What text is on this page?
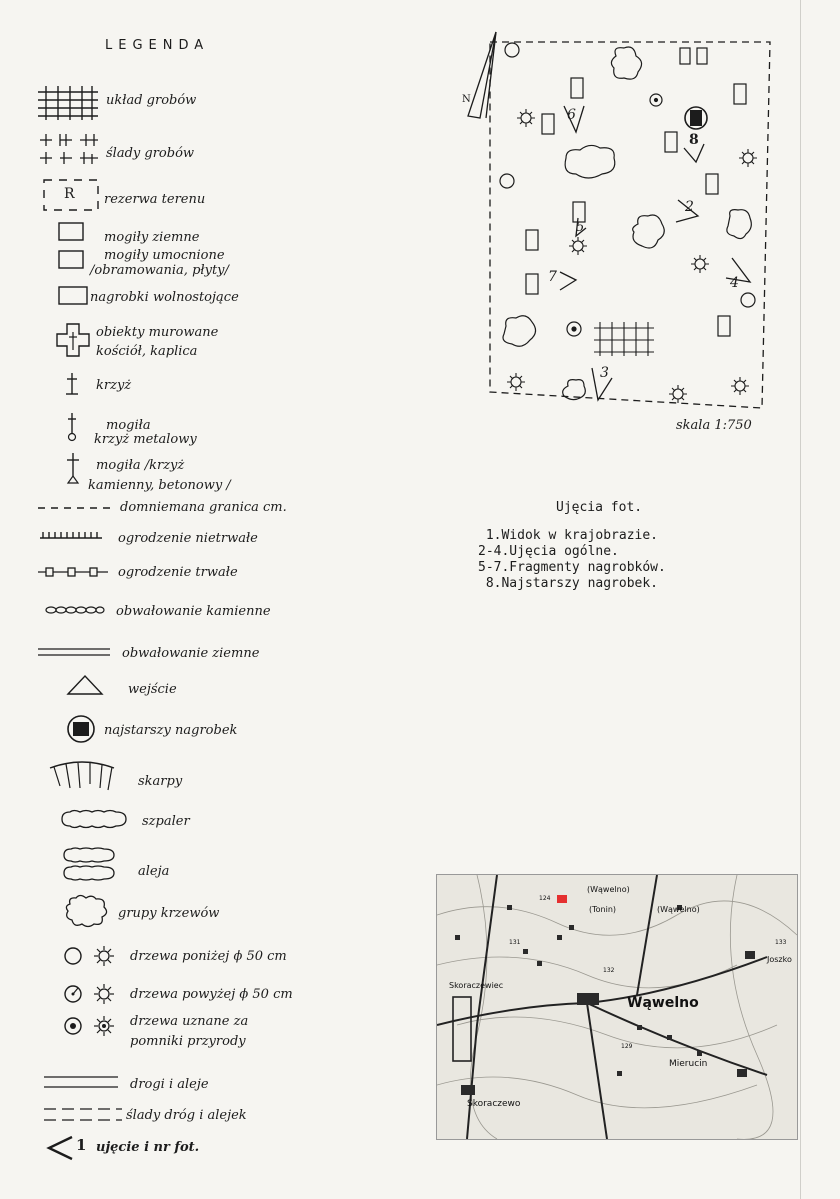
LEGENDA
układ grobów
ślady grobów
R rezerwa terenu
mogiły ziemne
mogiły umocnione
/obramowania, płyty/
nagrobki wolnostojące
obiekty murowane
kościół, kaplica
krzyż
mogiła
krzyż metalowy
mogiła /krzyż
kamienny, betonowy /
domniemana granica cm.
ogrodzenie nietrwałe
ogrodzenie trwałe
obwałowanie kamienne
obwałowanie ziemne
wejście
najstarszy nagrobek
skarpy
szpaler
aleja
grupy krzewów
drzewa poniżej ϕ 50 cm
drzewa powyżej ϕ 50 cm
drzewa uznane za
pomniki przyrody
drogi i aleje
ślady dróg i alejek
1 ujęcie i nr fot.
6
8
2
5
7	4
3
N
skala 1:750
Ujęcia fot.
1.Widok w krajobrazie.
2-4.Ujęcia ogólne.
5-7.Fragmenty nagrobków.
8.Najstarszy nagrobek.
(Wąwelno)
(Tonin)	(Wąwelno)
Skoraczewiec
Wąwelno
Joszko
Mierucin
Skoraczewo
124
131
132
133
129
